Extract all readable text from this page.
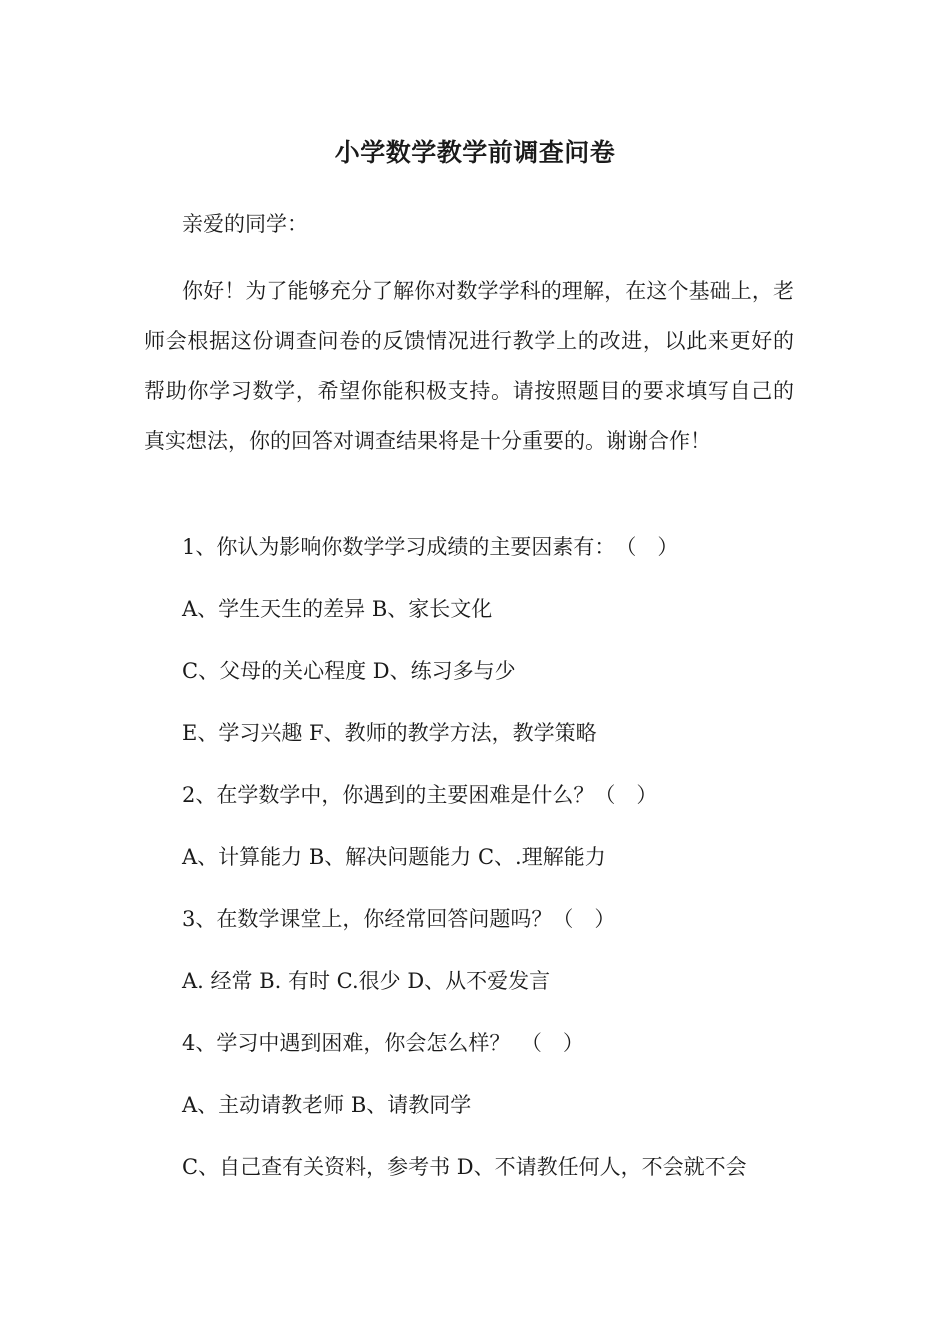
小学数学教学前调查问卷
亲爱的同学：

你好！为了能够充分了解你对数学学科的理解，在这个基础上，老师会根据这份调查问卷的反馈情况进行教学上的改进，以此来更好的帮助你学习数学，希望你能积极支持。请按照题目的要求填写自己的真实想法，你的回答对调查结果将是十分重要的。谢谢合作！

1、你认为影响你数学学习成绩的主要因素有：　（　）
A、学生天生的差异 B、家长文化
C、父母的关心程度 D、练习多与少
E、学习兴趣 F、教师的教学方法，教学策略
2、在学数学中，你遇到的主要困难是什么？（　）
A、计算能力 B、解决问题能力 C、.理解能力
3、在数学课堂上，你经常回答问题吗？（　）
A. 经常 B. 有时 C.很少 D、从不爱发言
4、学习中遇到困难，你会怎么样？　（　）
A、主动请教老师 B、请教同学
C、自己查有关资料，参考书 D、不请教任何人，不会就不会
